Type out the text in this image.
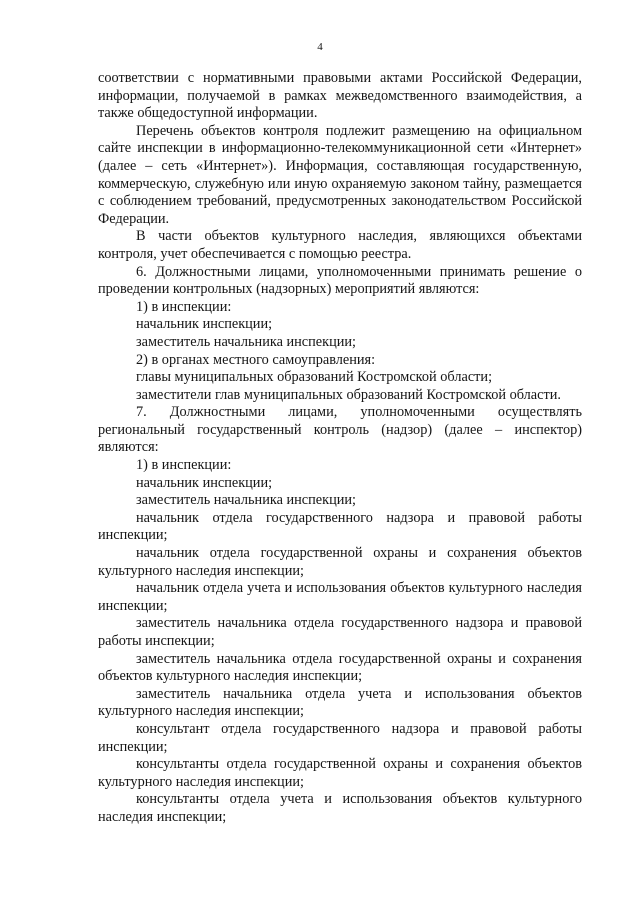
4

соответствии с нормативными правовыми актами Российской Федерации, информации, получаемой в рамках межведомственного взаимодействия, а также общедоступной информации.

Перечень объектов контроля подлежит размещению на официальном сайте инспекции в информационно-телекоммуникационной сети «Интернет» (далее – сеть «Интернет»). Информация, составляющая государственную, коммерческую, служебную или иную охраняемую законом тайну, размещается с соблюдением требований, предусмотренных законодательством Российской Федерации.

В части объектов культурного наследия, являющихся объектами контроля, учет обеспечивается с помощью реестра.

6. Должностными лицами, уполномоченными принимать решение о проведении контрольных (надзорных) мероприятий являются:

1) в инспекции:

начальник инспекции;

заместитель начальника инспекции;

2) в органах местного самоуправления:

главы муниципальных образований Костромской области;

заместители глав муниципальных образований Костромской области.

7. Должностными лицами, уполномоченными осуществлять региональный государственный контроль (надзор) (далее – инспектор) являются:

1) в инспекции:

начальник инспекции;

заместитель начальника инспекции;

начальник отдела государственного надзора и правовой работы инспекции;

начальник отдела государственной охраны и сохранения объектов культурного наследия инспекции;

начальник отдела учета и использования объектов культурного наследия инспекции;

заместитель начальника отдела государственного надзора и правовой работы инспекции;

заместитель начальника отдела государственной охраны и сохранения объектов культурного наследия инспекции;

заместитель начальника отдела учета и использования объектов культурного наследия инспекции;

консультант отдела государственного надзора и правовой работы инспекции;

консультанты отдела государственной охраны и сохранения объектов культурного наследия инспекции;

консультанты отдела учета и использования объектов культурного наследия инспекции;
